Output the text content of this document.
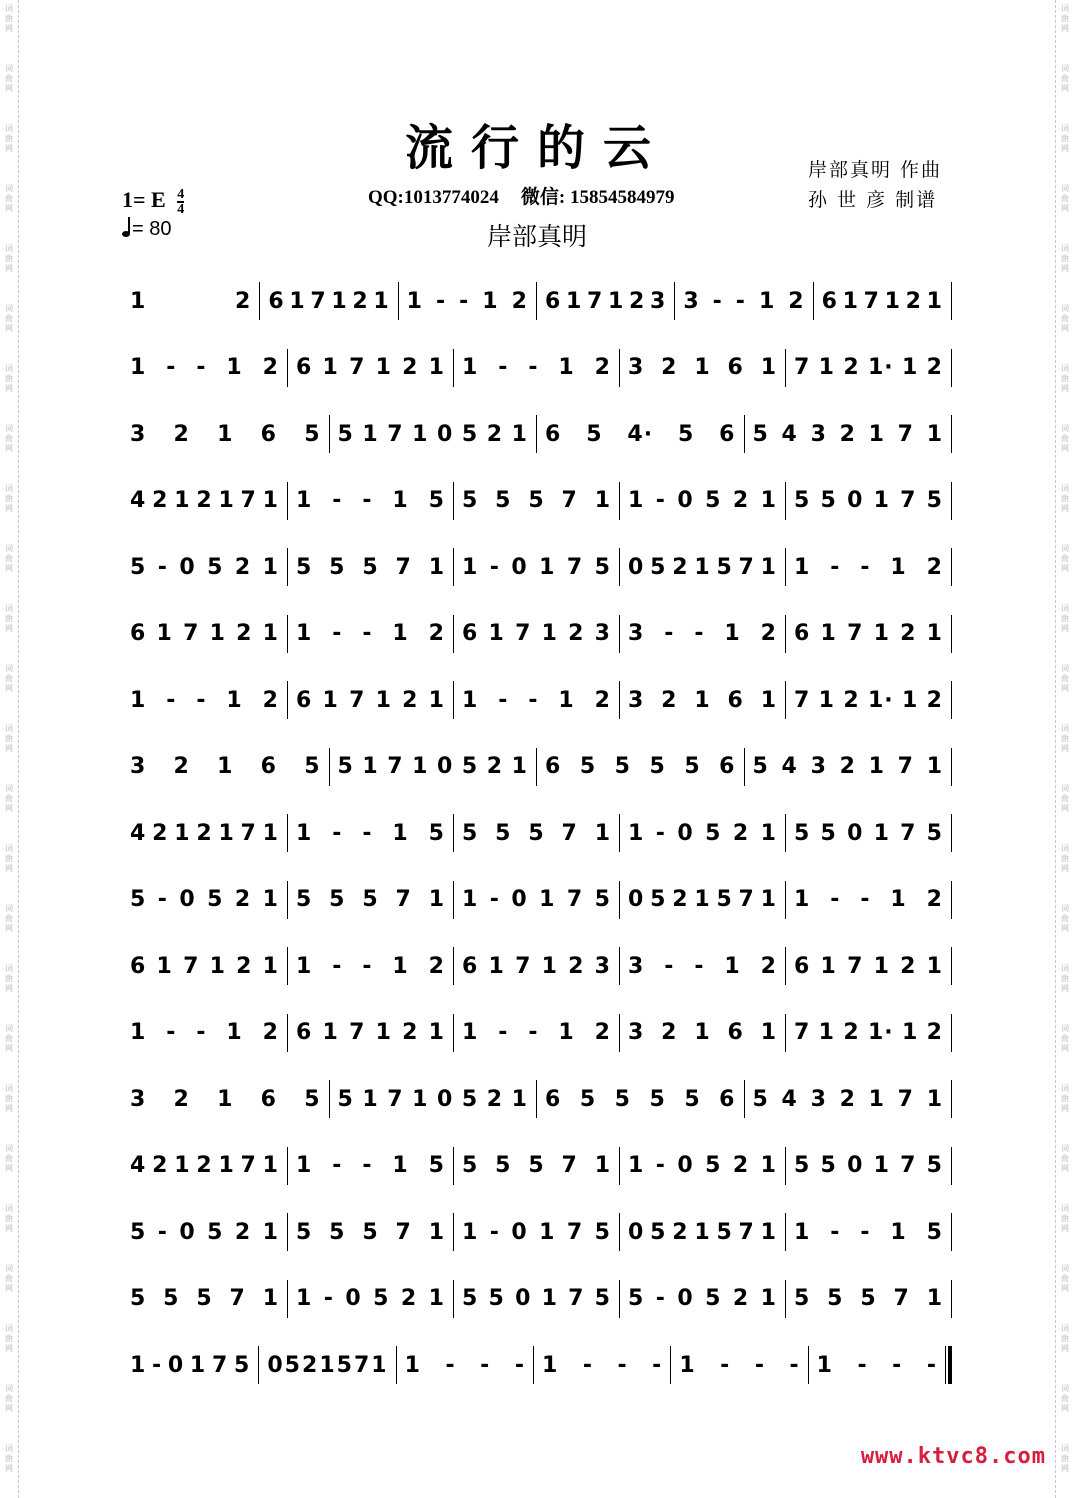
词
曲
网
词
曲
网
词
曲
网
词
曲
网
词
曲
网
词
曲
网
词
曲
网
词
曲
网
词
曲
网
词
曲
网
词
曲
网
词
曲
网
词
曲
网
词
曲
网
词
曲
网
词
曲
网
词
曲
网
词
曲
网
词
曲
网
词
曲
网
词
曲
网
词
曲
网
词
曲
网
词
曲
网
词
曲
网
词
曲
网
词
曲
网
词
曲
网
词
曲
网
词
曲
网
词
曲
网
词
曲
网
词
曲
网
词
曲
网
词
曲
网
词
曲
网
词
曲
网
词
曲
网
词
曲
网
词
曲
网
词
曲
网
词
曲
网
词
曲
网
词
曲
网
词
曲
网
词
曲
网
词
曲
网
词
曲
网
词
曲
网
词
曲
网
流行的云
QQ:1013774024 微信: 15854584979
岸部真明
岸部真明 作曲
孙 世 彦 制谱
1= E $\frac{4}{4}$
= 80
1	2 6 1 7 1 2 1 1 - - 1 2 6 1 7 1 2 3 3 - - 1 2 6 1 7 1 2 1
1 - - 1 2 6 1 7 1 2 1 1 - - 1 2 3 2 1 6 1 7 1 2 1· 1 2
3 2 1 6 5 5 1 7 1 0 5 2 1 6 5 4· 5 6 5 4 3 2 1 7 1
4 2 1 2 1 7 1 1 - - 1 5 5 5 5 7 1 1 - 0 5 2 1 5 5 0 1 7 5
5 - 0 5 2 1 5 5 5 7 1 1 - 0 1 7 5 0 5 2 1 5 7 1 1 - - 1 2
6 1 7 1 2 1 1 - - 1 2 6 1 7 1 2 3 3 - - 1 2 6 1 7 1 2 1
1 - - 1 2 6 1 7 1 2 1 1 - - 1 2 3 2 1 6 1 7 1 2 1· 1 2
3 2 1 6 5 5 1 7 1 0 5 2 1 6 5 5 5 5 6 5 4 3 2 1 7 1
4 2 1 2 1 7 1 1 - - 1 5 5 5 5 7 1 1 - 0 5 2 1 5 5 0 1 7 5
5 - 0 5 2 1 5 5 5 7 1 1 - 0 1 7 5 0 5 2 1 5 7 1 1 - - 1 2
6 1 7 1 2 1 1 - - 1 2 6 1 7 1 2 3 3 - - 1 2 6 1 7 1 2 1
1 - - 1 2 6 1 7 1 2 1 1 - - 1 2 3 2 1 6 1 7 1 2 1· 1 2
3 2 1 6 5 5 1 7 1 0 5 2 1 6 5 5 5 5 6 5 4 3 2 1 7 1
4 2 1 2 1 7 1 1 - - 1 5 5 5 5 7 1 1 - 0 5 2 1 5 5 0 1 7 5
5 - 0 5 2 1 5 5 5 7 1 1 - 0 1 7 5 0 5 2 1 5 7 1 1 - - 1 5
5 5 5 7 1 1 - 0 5 2 1 5 5 0 1 7 5 5 - 0 5 2 1 5 5 5 7 1
1 - 0 1 7 5 0 5 2 1 5 7 1 1 - - - 1 - - - 1 - - - 1 - - -
www.ktvc8.com
